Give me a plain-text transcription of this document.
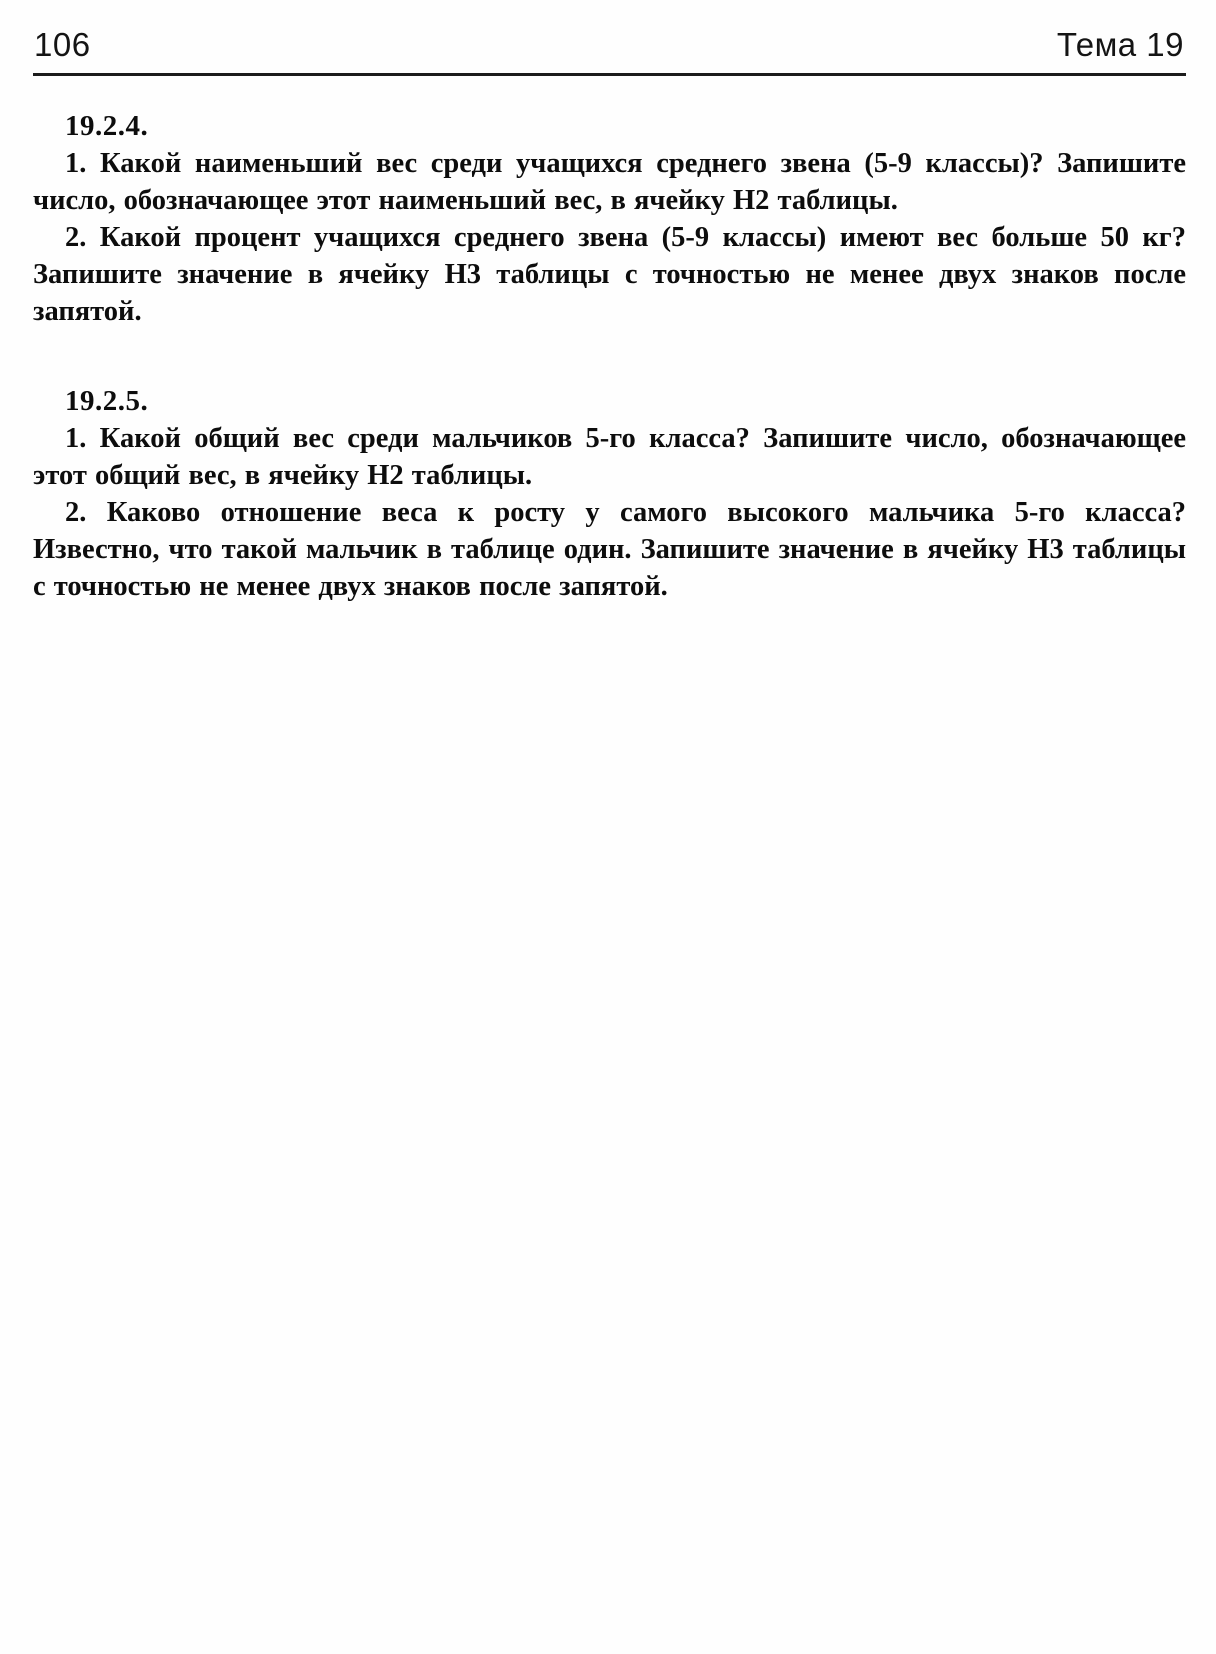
106	Тема 19
19.2.4.

1. Какой наименьший вес среди учащихся среднего звена (5-9 классы)? Запишите число, обозначающее этот наименьший вес, в ячейку Н2 таблицы.

2. Какой процент учащихся среднего звена (5-9 классы) имеют вес больше 50 кг? Запишите значение в ячейку Н3 таблицы с точностью не менее двух знаков после запятой.

19.2.5.

1. Какой общий вес среди мальчиков 5-го класса? Запишите число, обозначающее этот общий вес, в ячейку Н2 таблицы.

2. Каково отношение веса к росту у самого высокого мальчика 5-го класса? Известно, что такой мальчик в таблице один. Запишите значение в ячейку Н3 таблицы с точностью не менее двух знаков после запятой.
